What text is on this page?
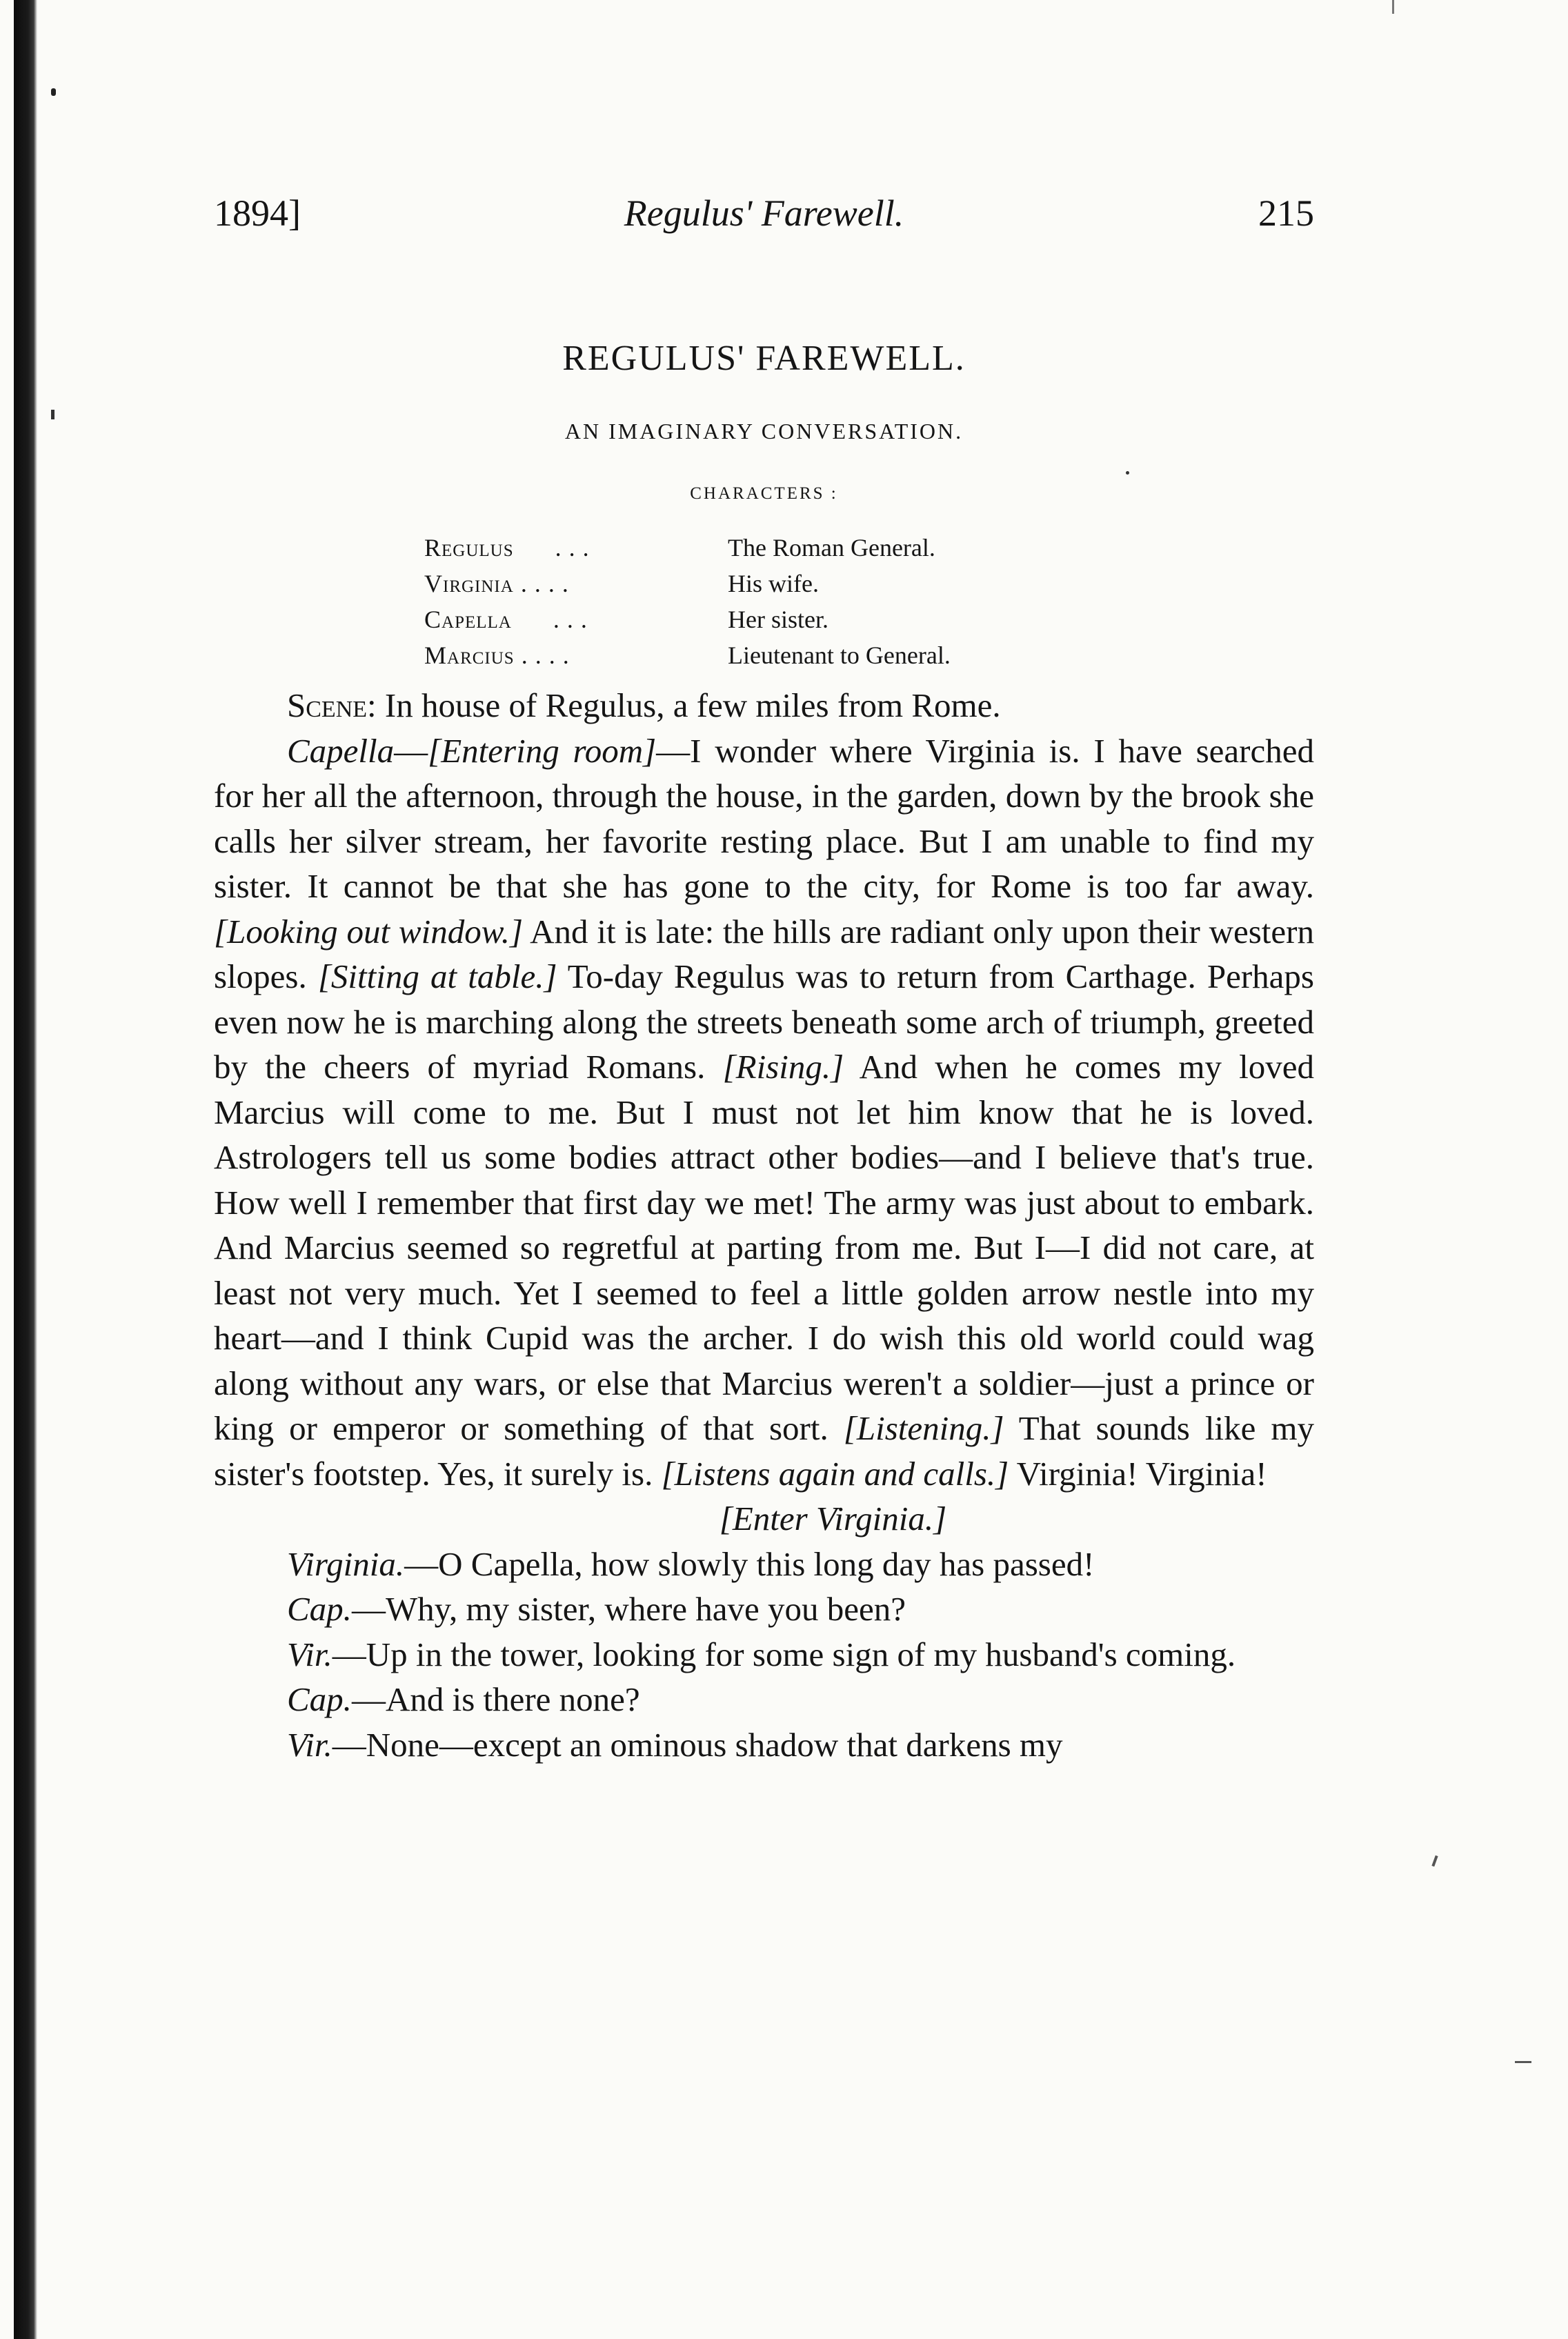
1894]	Regulus' Farewell.	215
REGULUS' FAREWELL.
AN IMAGINARY CONVERSATION.
CHARACTERS :
Regulus . . .	The Roman General.
Virginia . . . .	His wife.
Capella . . .	Her sister.
Marcius . . . .	Lieutenant to General.

Scene: In house of Regulus, a few miles from Rome.

Capella—[Entering room]—I wonder where Virginia is. I have searched for her all the afternoon, through the house, in the garden, down by the brook she calls her silver stream, her favorite resting place. But I am unable to find my sister. It cannot be that she has gone to the city, for Rome is too far away. [Looking out window.] And it is late: the hills are radiant only upon their western slopes. [Sitting at table.] To-day Regulus was to return from Carthage. Perhaps even now he is marching along the streets beneath some arch of triumph, greeted by the cheers of myriad Romans. [Rising.] And when he comes my loved Marcius will come to me. But I must not let him know that he is loved. Astrologers tell us some bodies attract other bodies—and I believe that's true. How well I remember that first day we met! The army was just about to embark. And Marcius seemed so regretful at parting from me. But I—I did not care, at least not very much. Yet I seemed to feel a little golden arrow nestle into my heart—and I think Cupid was the archer. I do wish this old world could wag along without any wars, or else that Marcius weren't a soldier—just a prince or king or emperor or something of that sort. [Listening.] That sounds like my sister's footstep. Yes, it surely is. [Listens again and calls.] Virginia! Virginia!

[Enter Virginia.]

Virginia.—O Capella, how slowly this long day has passed!

Cap.—Why, my sister, where have you been?

Vir.—Up in the tower, looking for some sign of my husband's coming.

Cap.—And is there none?

Vir.—None—except an ominous shadow that darkens my
